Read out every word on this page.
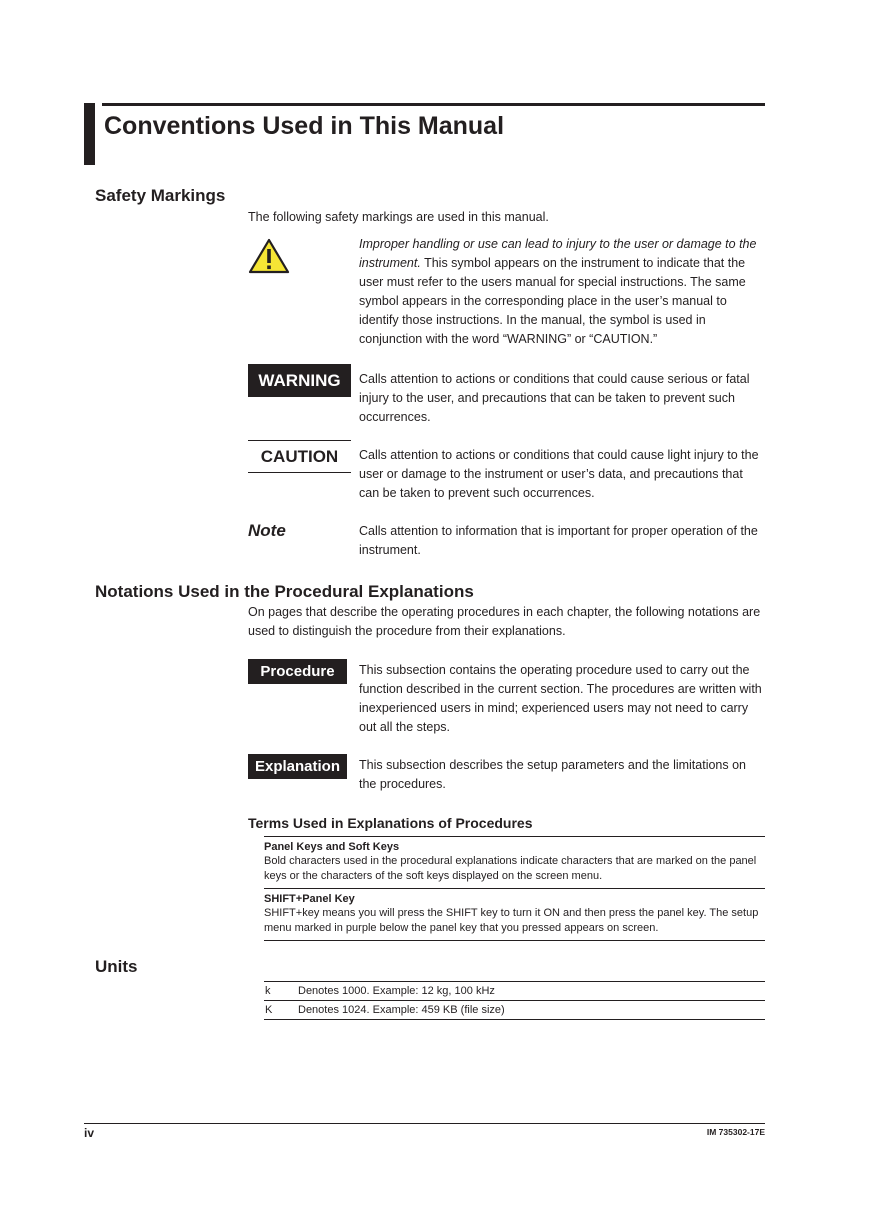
Conventions Used in This Manual
Safety Markings
The following safety markings are used in this manual.
Improper handling or use can lead to injury to the user or damage to the instrument. This symbol appears on the instrument to indicate that the user must refer to the users manual for special instructions. The same symbol appears in the corresponding place in the user’s manual to identify those instructions. In the manual, the symbol is used in conjunction with the word “WARNING” or “CAUTION.”
WARNING	Calls attention to actions or conditions that could cause serious or fatal injury to the user, and precautions that can be taken to prevent such occurrences.
CAUTION	Calls attention to actions or conditions that could cause light injury to the user or damage to the instrument or user’s data, and precautions that can be taken to prevent such occurrences.
Note	Calls attention to information that is important for proper operation of the instrument.
Notations Used in the Procedural Explanations
On pages that describe the operating procedures in each chapter, the following notations are used to distinguish the procedure from their explanations.
Procedure	This subsection contains the operating procedure used to carry out the function described in the current section. The procedures are written with inexperienced users in mind; experienced users may not need to carry out all the steps.
Explanation	This subsection describes the setup parameters and the limitations on the procedures.
Terms Used in Explanations of Procedures
Panel Keys and Soft Keys
Bold characters used in the procedural explanations indicate characters that are marked on the panel keys or the characters of the soft keys displayed on the screen menu.
SHIFT+Panel Key
SHIFT+key means you will press the SHIFT key to turn it ON and then press the panel key. The setup menu marked in purple below the panel key that you pressed appears on screen.
Units
k	Denotes 1000. Example: 12 kg, 100 kHz
K	Denotes 1024. Example: 459 KB (file size)
iv	IM 735302-17E
